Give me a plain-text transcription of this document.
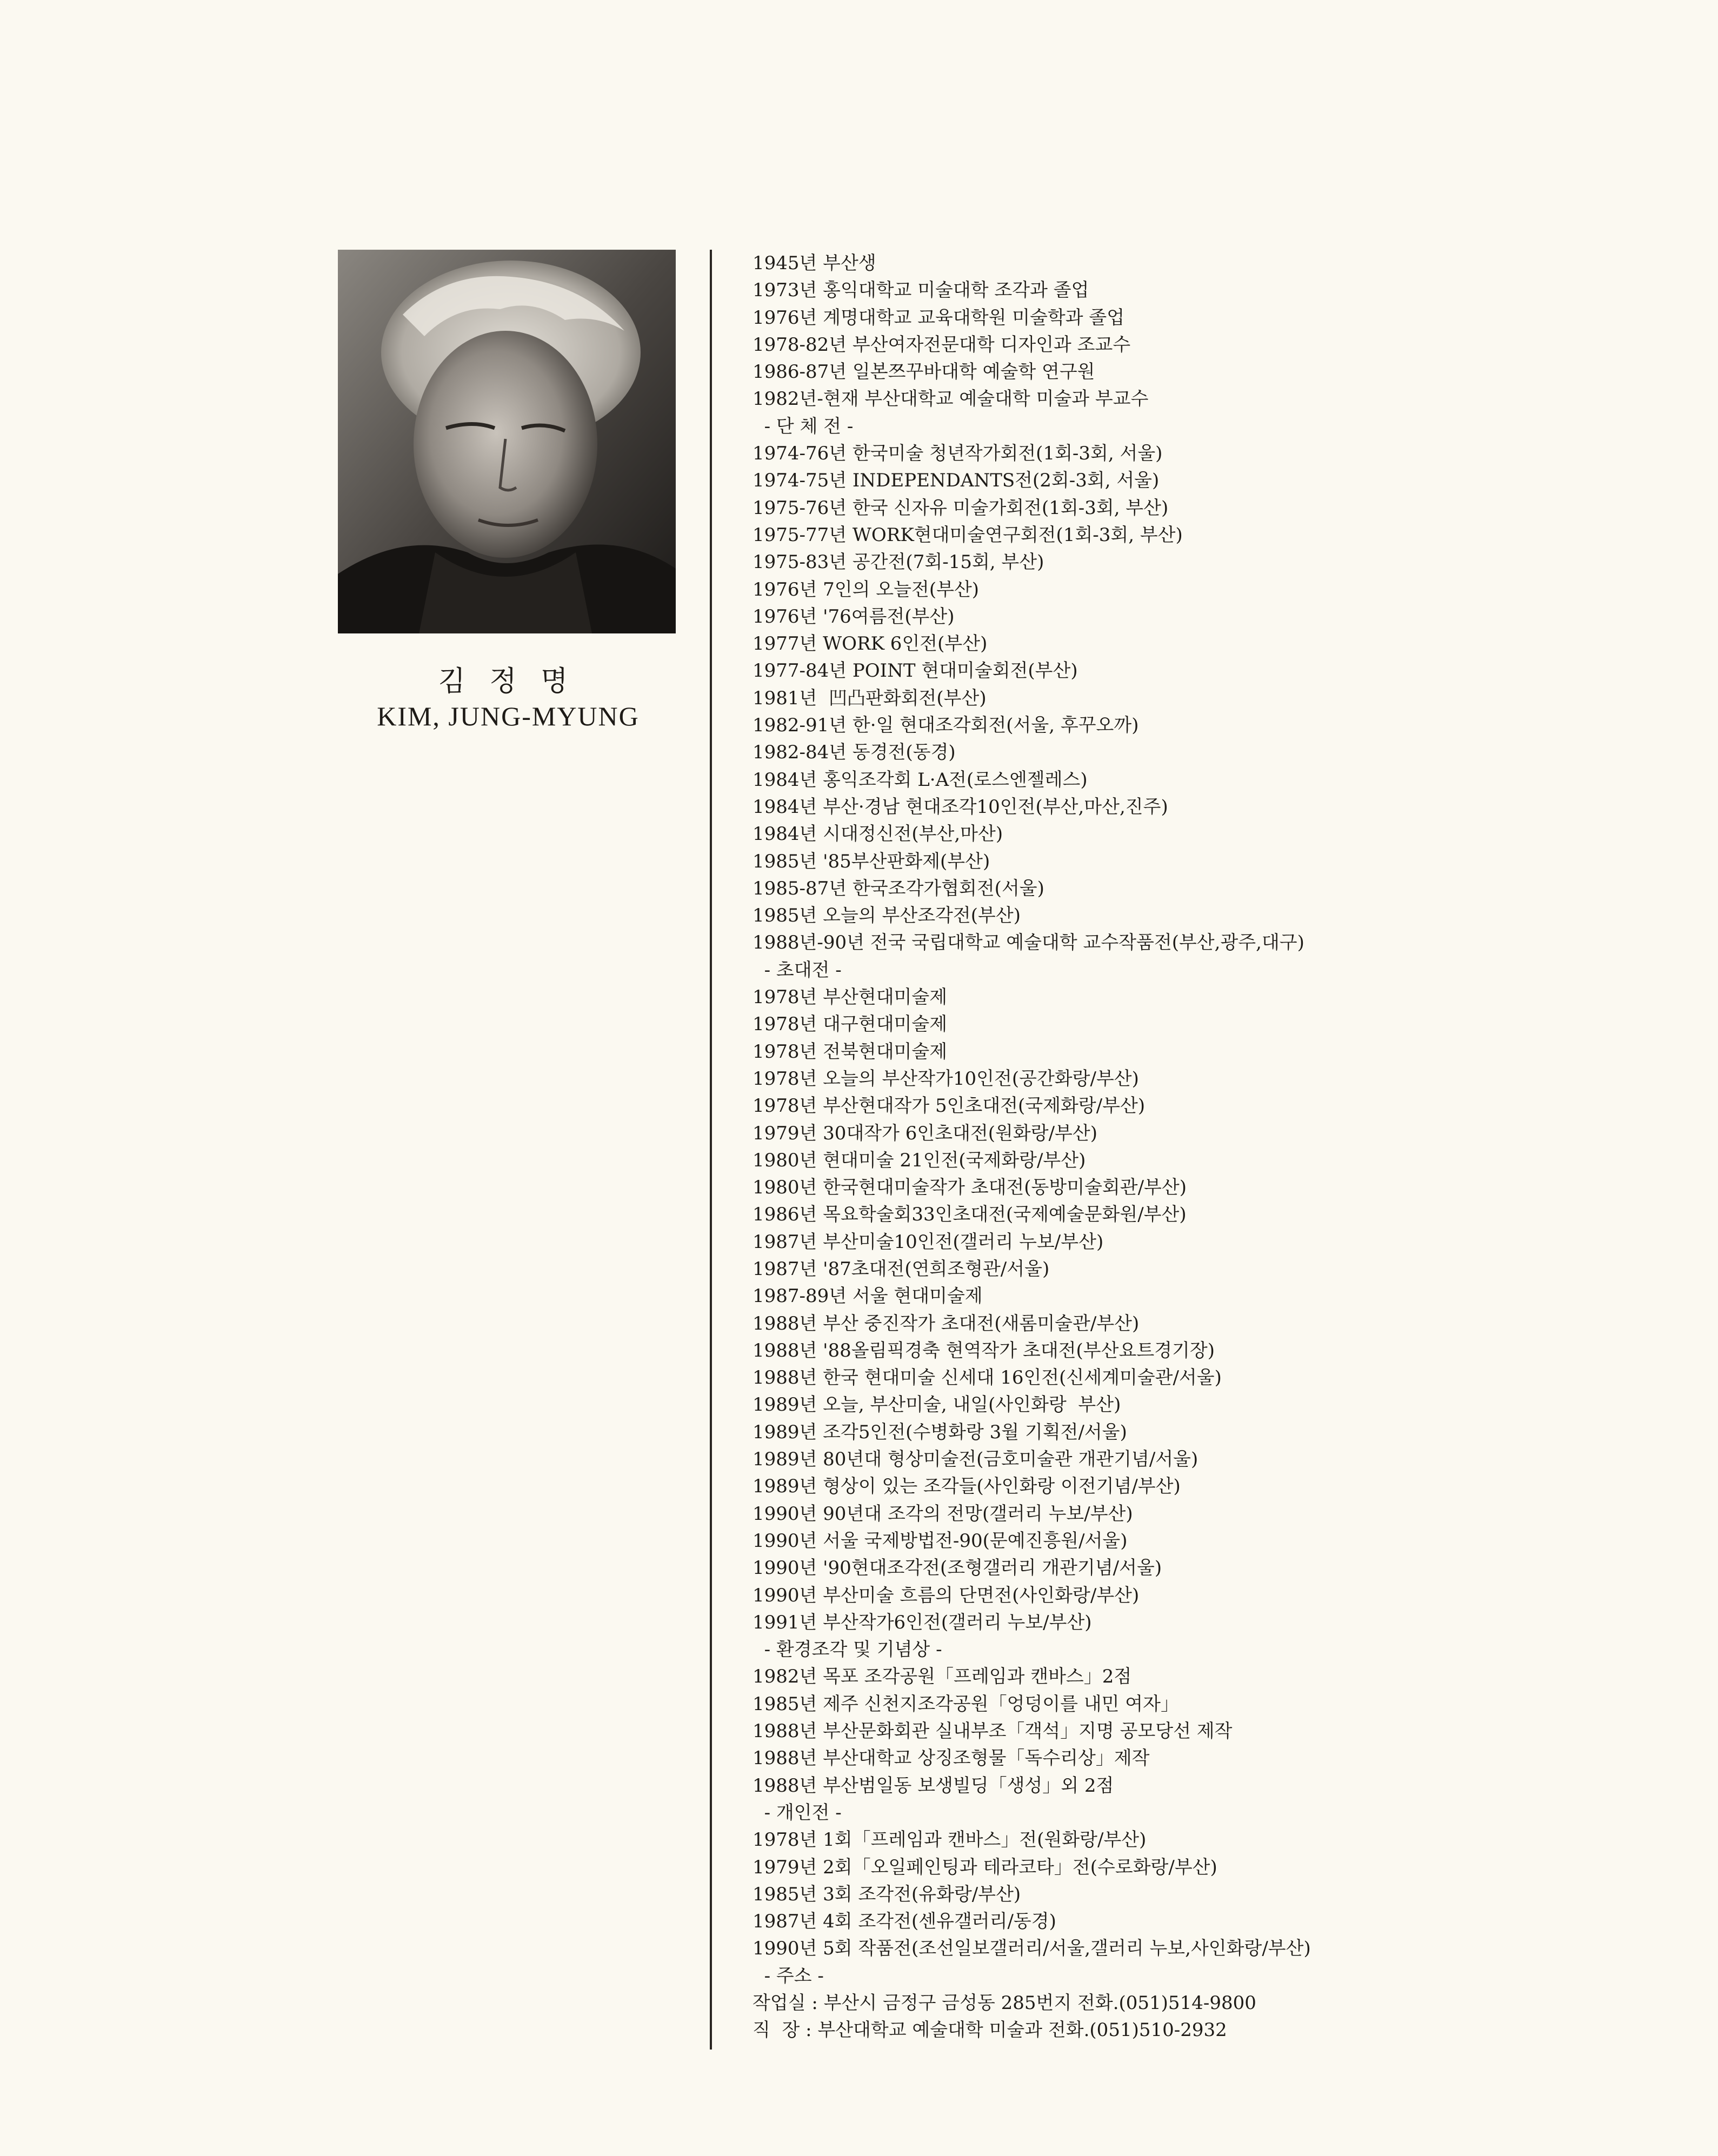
김 정 명
KIM, JUNG-MYUNG
1945년 부산생
1973년 홍익대학교 미술대학 조각과 졸업
1976년 계명대학교 교육대학원 미술학과 졸업
1978-82년 부산여자전문대학 디자인과 조교수
1986-87년 일본쯔꾸바대학 예술학 연구원
1982년-현재 부산대학교 예술대학 미술과 부교수
- 단 체 전 -
1974-76년 한국미술 청년작가회전(1회-3회, 서울)
1974-75년 INDEPENDANTS전(2회-3회, 서울)
1975-76년 한국 신자유 미술가회전(1회-3회, 부산)
1975-77년 WORK현대미술연구회전(1회-3회, 부산)
1975-83년 공간전(7회-15회, 부산)
1976년 7인의 오늘전(부산)
1976년 '76여름전(부산)
1977년 WORK 6인전(부산)
1977-84년 POINT 현대미술회전(부산)
1981년  凹凸판화회전(부산)
1982-91년 한·일 현대조각회전(서울, 후꾸오까)
1982-84년 동경전(동경)
1984년 홍익조각회 L·A전(로스엔젤레스)
1984년 부산·경남 현대조각10인전(부산,마산,진주)
1984년 시대정신전(부산,마산)
1985년 '85부산판화제(부산)
1985-87년 한국조각가협회전(서울)
1985년 오늘의 부산조각전(부산)
1988년-90년 전국 국립대학교 예술대학 교수작품전(부산,광주,대구)
- 초대전 -
1978년 부산현대미술제
1978년 대구현대미술제
1978년 전북현대미술제
1978년 오늘의 부산작가10인전(공간화랑/부산)
1978년 부산현대작가 5인초대전(국제화랑/부산)
1979년 30대작가 6인초대전(원화랑/부산)
1980년 현대미술 21인전(국제화랑/부산)
1980년 한국현대미술작가 초대전(동방미술회관/부산)
1986년 목요학술회33인초대전(국제예술문화원/부산)
1987년 부산미술10인전(갤러리 누보/부산)
1987년 '87초대전(연희조형관/서울)
1987-89년 서울 현대미술제
1988년 부산 중진작가 초대전(새롬미술관/부산)
1988년 '88올림픽경축 현역작가 초대전(부산요트경기장)
1988년 한국 현대미술 신세대 16인전(신세계미술관/서울)
1989년 오늘, 부산미술, 내일(사인화랑  부산)
1989년 조각5인전(수병화랑 3월 기획전/서울)
1989년 80년대 형상미술전(금호미술관 개관기념/서울)
1989년 형상이 있는 조각들(사인화랑 이전기념/부산)
1990년 90년대 조각의 전망(갤러리 누보/부산)
1990년 서울 국제방법전-90(문예진흥원/서울)
1990년 '90현대조각전(조형갤러리 개관기념/서울)
1990년 부산미술 흐름의 단면전(사인화랑/부산)
1991년 부산작가6인전(갤러리 누보/부산)
- 환경조각 및 기념상 -
1982년 목포 조각공원「프레임과 캔바스」2점
1985년 제주 신천지조각공원「엉덩이를 내민 여자」
1988년 부산문화회관 실내부조「객석」지명 공모당선 제작
1988년 부산대학교 상징조형물「독수리상」제작
1988년 부산범일동 보생빌딩「생성」외 2점
- 개인전 -
1978년 1회「프레임과 캔바스」전(원화랑/부산)
1979년 2회「오일페인팅과 테라코타」전(수로화랑/부산)
1985년 3회 조각전(유화랑/부산)
1987년 4회 조각전(센유갤러리/동경)
1990년 5회 작품전(조선일보갤러리/서울,갤러리 누보,사인화랑/부산)
- 주소 -
작업실 : 부산시 금정구 금성동 285번지 전화.(051)514-9800
직  장 : 부산대학교 예술대학 미술과 전화.(051)510-2932
